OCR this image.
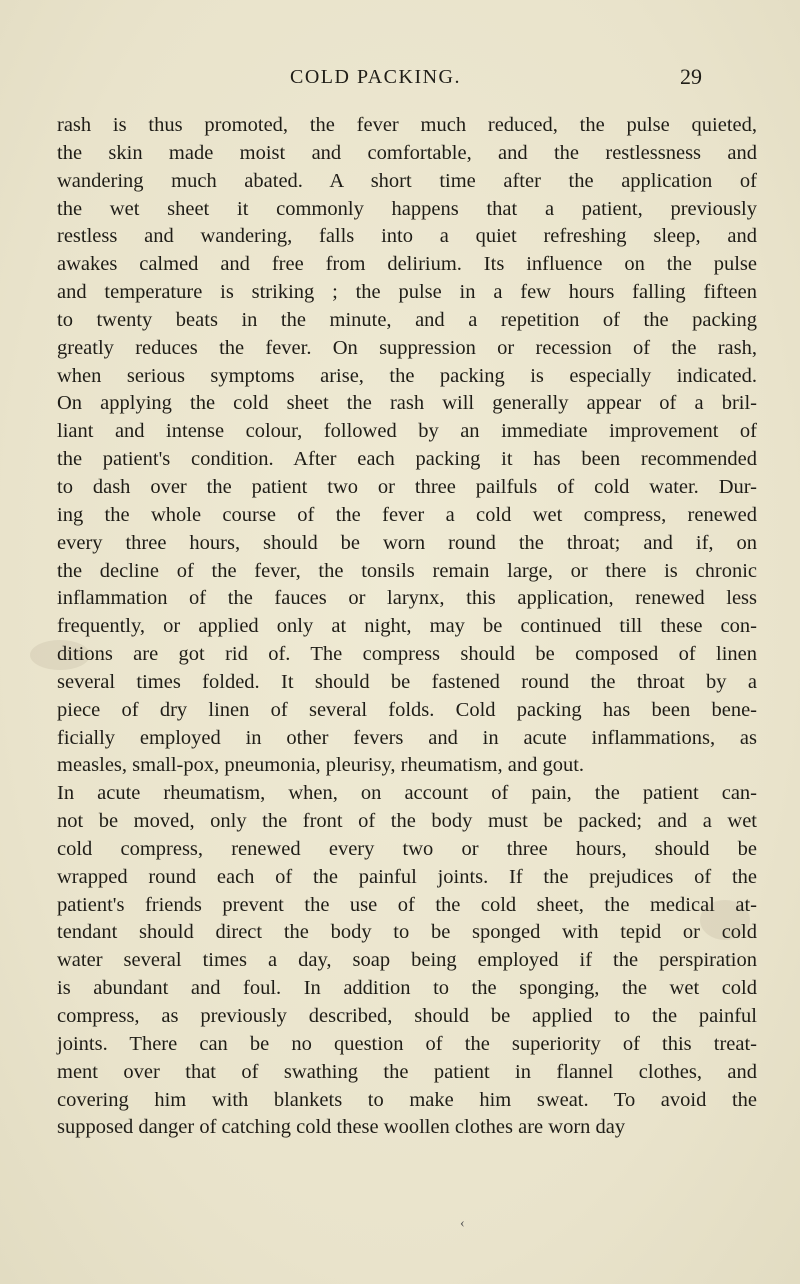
COLD PACKING.	29
rash is thus promoted, the fever much reduced, the pulse quieted,
the skin made moist and comfortable, and the restlessness and
wandering much abated. A short time after the application of
the wet sheet it commonly happens that a patient, previously
restless and wandering, falls into a quiet refreshing sleep, and
awakes calmed and free from delirium. Its influence on the pulse
and temperature is striking ; the pulse in a few hours falling fifteen
to twenty beats in the minute, and a repetition of the packing
greatly reduces the fever. On suppression or recession of the rash,
when serious symptoms arise, the packing is especially indicated.
On applying the cold sheet the rash will generally appear of a bril-
liant and intense colour, followed by an immediate improvement of
the patient's condition. After each packing it has been recommended
to dash over the patient two or three pailfuls of cold water. Dur-
ing the whole course of the fever a cold wet compress, renewed
every three hours, should be worn round the throat; and if, on
the decline of the fever, the tonsils remain large, or there is chronic
inflammation of the fauces or larynx, this application, renewed less
frequently, or applied only at night, may be continued till these con-
ditions are got rid of. The compress should be composed of linen
several times folded. It should be fastened round the throat by a
piece of dry linen of several folds. Cold packing has been bene-
ficially employed in other fevers and in acute inflammations, as
measles, small-pox, pneumonia, pleurisy, rheumatism, and gout.
In acute rheumatism, when, on account of pain, the patient can-
not be moved, only the front of the body must be packed; and a wet
cold compress, renewed every two or three hours, should be
wrapped round each of the painful joints. If the prejudices of the
patient's friends prevent the use of the cold sheet, the medical at-
tendant should direct the body to be sponged with tepid or cold
water several times a day, soap being employed if the perspiration
is abundant and foul. In addition to the sponging, the wet cold
compress, as previously described, should be applied to the painful
joints. There can be no question of the superiority of this treat-
ment over that of swathing the patient in flannel clothes, and
covering him with blankets to make him sweat. To avoid the
supposed danger of catching cold these woollen clothes are worn day
‹
